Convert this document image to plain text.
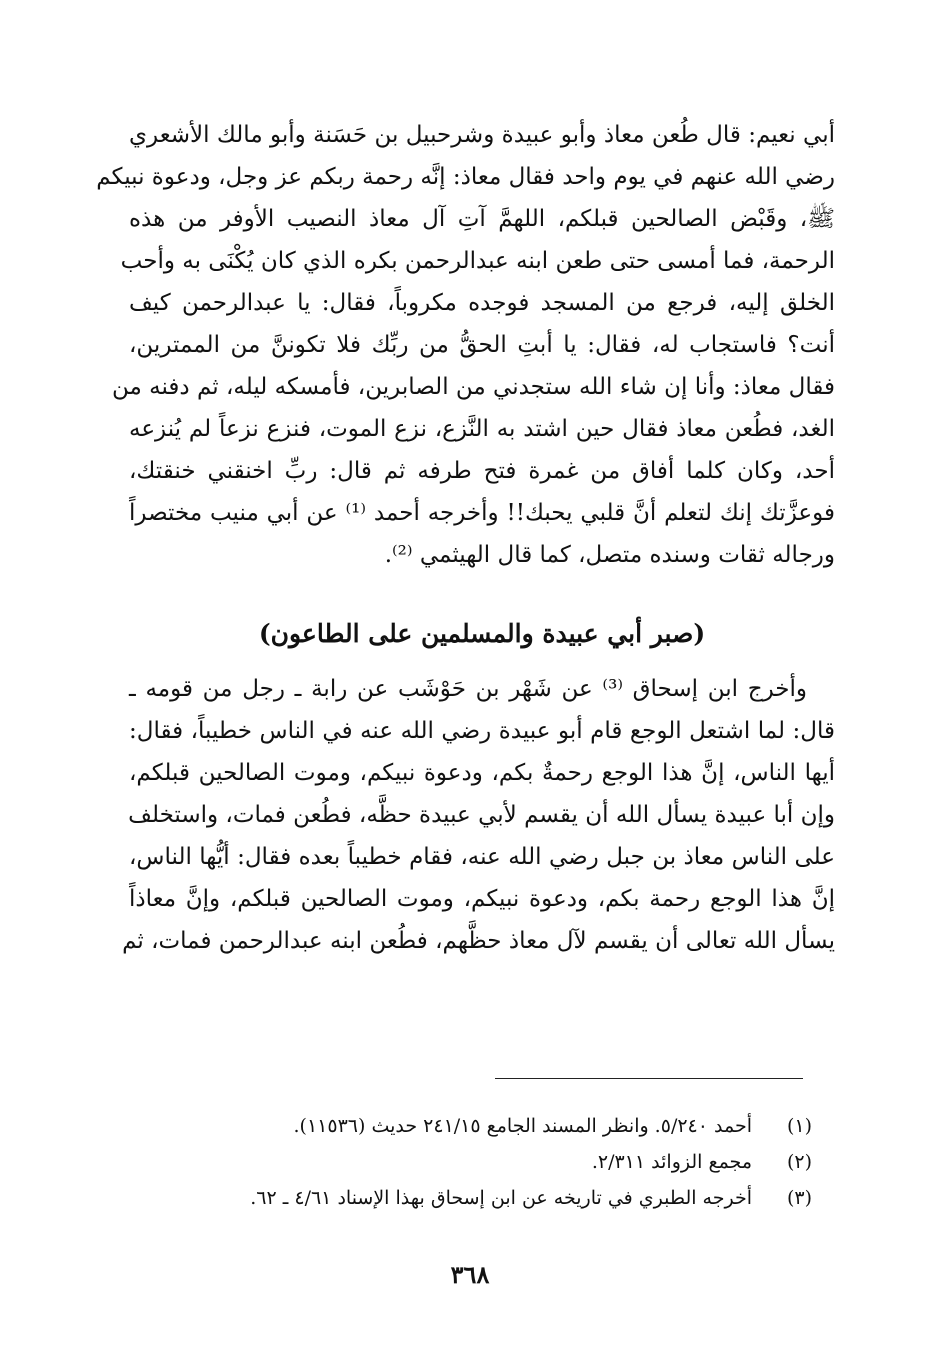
أبي نعيم: قال طُعن معاذ وأبو عبيدة وشرحبيل بن حَسَنة وأبو مالك الأشعري
رضي الله عنهم في يوم واحد فقال معاذ: إنَّه رحمة ربكم عز وجل، ودعوة نبيكم
ﷺ، وقَبْض الصالحين قبلكم، اللهمَّ آتِ آل معاذ النصيب الأوفر من هذه
الرحمة، فما أمسى حتى طعن ابنه عبدالرحمن بكره الذي كان يُكْنَى به وأحب
الخلق إليه، فرجع من المسجد فوجده مكروباً، فقال: يا عبدالرحمن كيف
أنت؟ فاستجاب له، فقال: يا أبتِ الحقُّ من ربِّك فلا تكوننَّ من الممترين،
فقال معاذ: وأنا إن شاء الله ستجدني من الصابرين، فأمسكه ليله، ثم دفنه من
الغد، فطُعن معاذ فقال حين اشتد به النَّزع، نزع الموت، فنزع نزعاً لم يُنزعه
أحد، وكان كلما أفاق من غمرة فتح طرفه ثم قال: ربِّ اخنقني خنقتك،
فوعزَّتك إنك لتعلم أنَّ قلبي يحبك!! وأخرجه أحمد ⁽¹⁾ عن أبي منيب مختصراً
ورجاله ثقات وسنده متصل، كما قال الهيثمي ⁽²⁾.
(صبر أبي عبيدة والمسلمين على الطاعون)
وأخرج ابن إسحاق ⁽³⁾ عن شَهْر بن حَوْشَب عن رابة ـ رجل من قومه ـ
قال: لما اشتعل الوجع قام أبو عبيدة رضي الله عنه في الناس خطيباً، فقال:
أيها الناس، إنَّ هذا الوجع رحمةٌ بكم، ودعوة نبيكم، وموت الصالحين قبلكم،
وإن أبا عبيدة يسأل الله أن يقسم لأبي عبيدة حظَّه، فطُعن فمات، واستخلف
على الناس معاذ بن جبل رضي الله عنه، فقام خطيباً بعده فقال: أيُّها الناس،
إنَّ هذا الوجع رحمة بكم، ودعوة نبيكم، وموت الصالحين قبلكم، وإنَّ معاذاً
يسأل الله تعالى أن يقسم لآل معاذ حظَّهم، فطُعن ابنه عبدالرحمن فمات، ثم
(١)
أحمد ٥/٢٤٠. وانظر المسند الجامع ٢٤١/١٥ حديث (١١٥٣٦).
(٢)
مجمع الزوائد ٢/٣١١.
(٣)
أخرجه الطبري في تاريخه عن ابن إسحاق بهذا الإسناد ٤/٦١ ـ ٦٢.
٣٦٨
